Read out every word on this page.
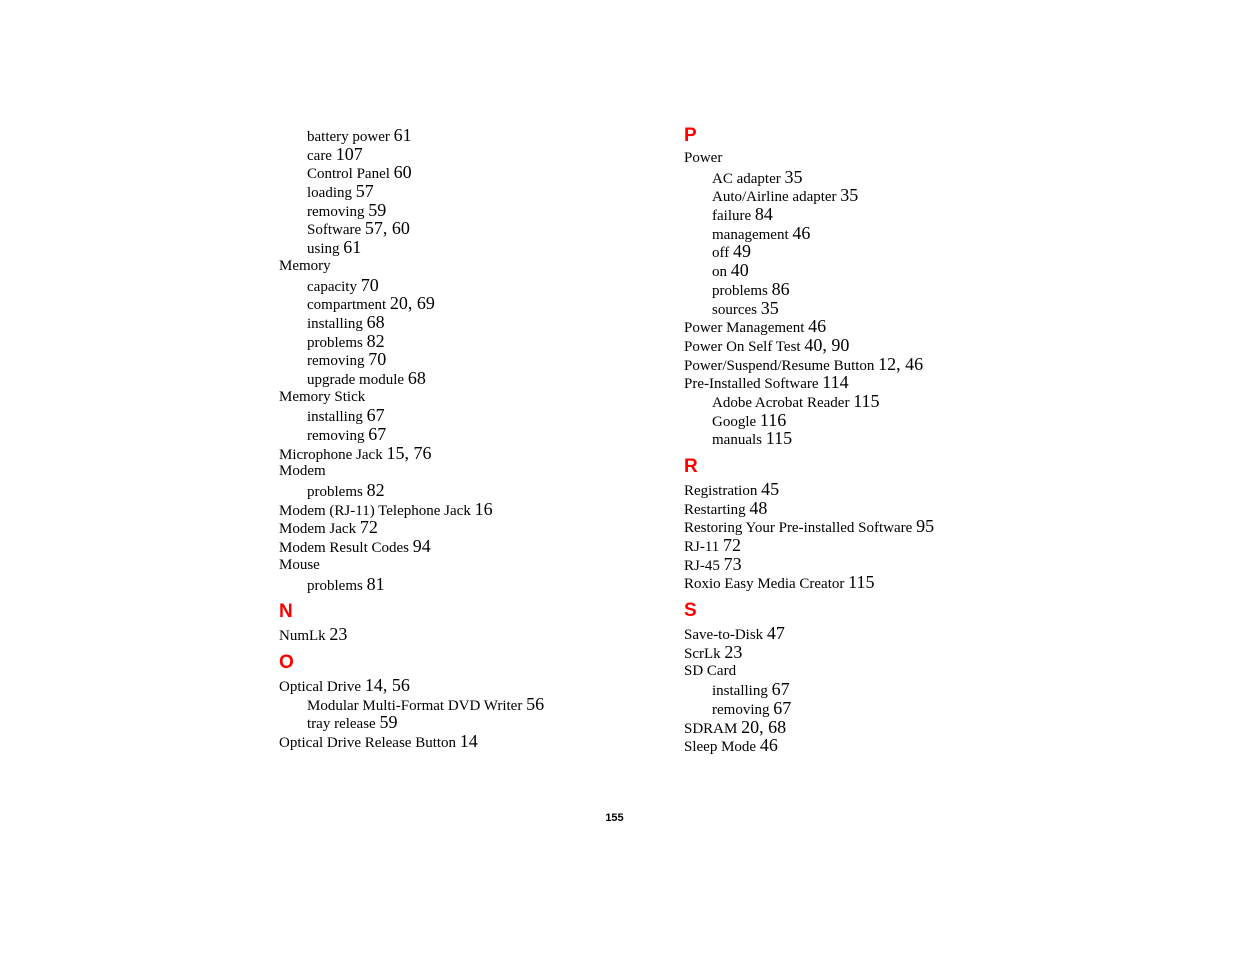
battery power 61
care 107
Control Panel 60
loading 57
removing 59
Software 57, 60
using 61
Memory
capacity 70
compartment 20, 69
installing 68
problems 82
removing 70
upgrade module 68
Memory Stick
installing 67
removing 67
Microphone Jack 15, 76
Modem
problems 82
Modem (RJ-11) Telephone Jack 16
Modem Jack 72
Modem Result Codes 94
Mouse
problems 81
N
NumLk 23
O
Optical Drive 14, 56
Modular Multi-Format DVD Writer 56
tray release 59
Optical Drive Release Button 14
P
Power
AC adapter 35
Auto/Airline adapter 35
failure 84
management 46
off 49
on 40
problems 86
sources 35
Power Management 46
Power On Self Test 40, 90
Power/Suspend/Resume Button 12, 46
Pre-Installed Software 114
Adobe Acrobat Reader 115
Google 116
manuals 115
R
Registration 45
Restarting 48
Restoring Your Pre-installed Software 95
RJ-11 72
RJ-45 73
Roxio Easy Media Creator 115
S
Save-to-Disk 47
ScrLk 23
SD Card
installing 67
removing 67
SDRAM 20, 68
Sleep Mode 46
155
